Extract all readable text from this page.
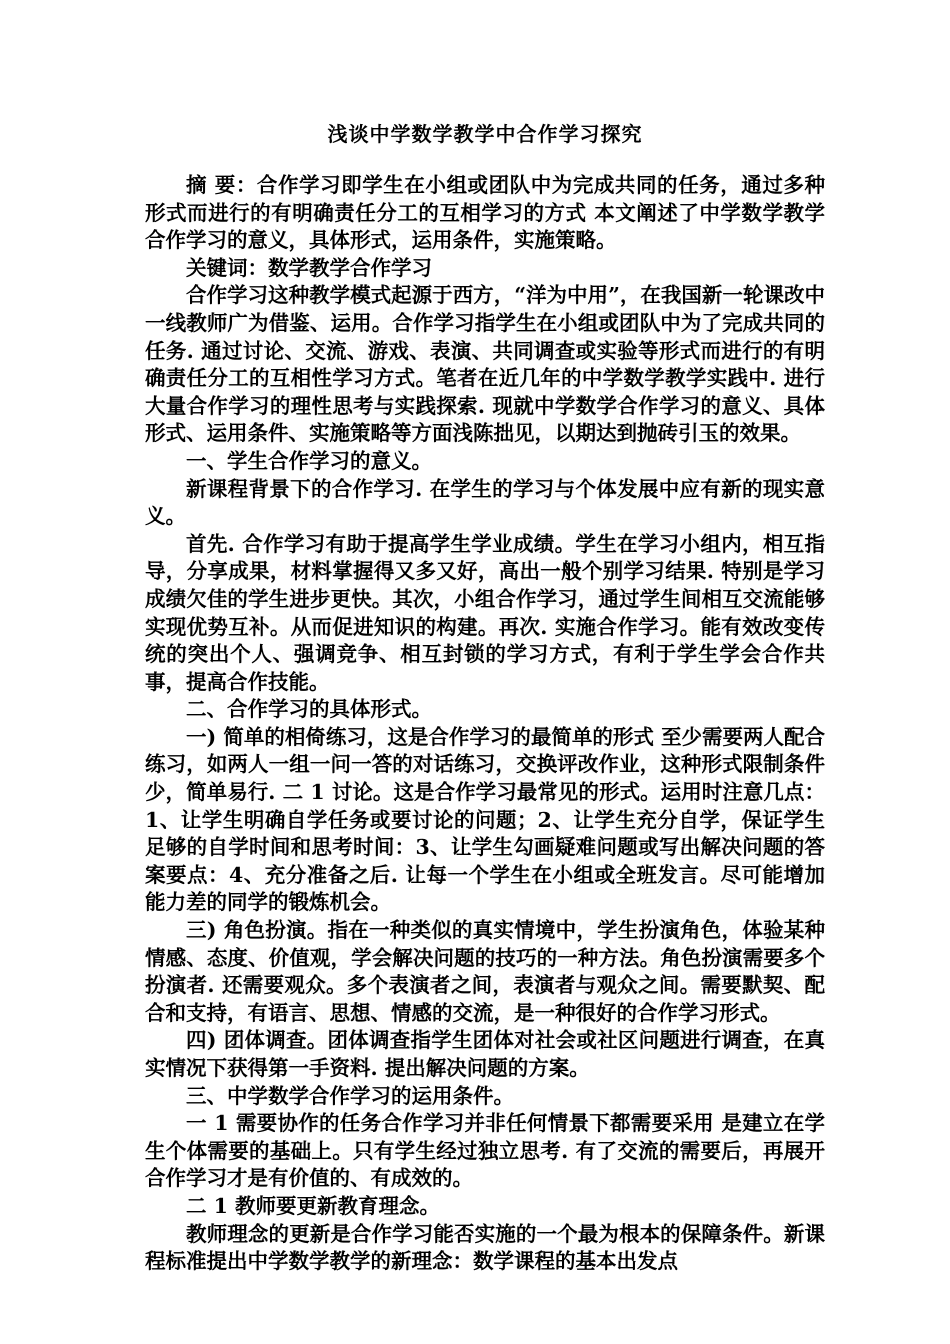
浅谈中学数学教学中合作学习探究

摘 要：合作学习即学生在小组或团队中为完成共同的任务，通过多种形式而进行的有明确责任分工的互相学习的方式 本文阐述了中学数学教学合作学习的意义，具体形式，运用条件，实施策略。

关键词：数学教学合作学习

合作学习这种教学模式起源于西方，“洋为中用”，在我国新一轮课改中一线教师广为借鉴、运用。合作学习指学生在小组或团队中为了完成共同的任务. 通过讨论、交流、游戏、表演、共同调查或实验等形式而进行的有明确责任分工的互相性学习方式。笔者在近几年的中学数学教学实践中. 进行大量合作学习的理性思考与实践探索. 现就中学数学合作学习的意义、具体形式、运用条件、实施策略等方面浅陈拙见，以期达到抛砖引玉的效果。

一、学生合作学习的意义。

新课程背景下的合作学习. 在学生的学习与个体发展中应有新的现实意义。

首先. 合作学习有助于提高学生学业成绩。学生在学习小组内，相互指导，分享成果，材料掌握得又多又好，高出一般个别学习结果. 特别是学习成绩欠佳的学生进步更快。其次，小组合作学习，通过学生间相互交流能够实现优势互补。从而促进知识的构建。再次. 实施合作学习。能有效改变传统的突出个人、强调竞争、相互封锁的学习方式，有利于学生学会合作共事，提高合作技能。

二、合作学习的具体形式。

一) 简单的相倚练习，这是合作学习的最简单的形式 至少需要两人配合练习，如两人一组一问一答的对话练习，交换评改作业，这种形式限制条件少，简单易行. 二 1 讨论。这是合作学习最常见的形式。运用时注意几点：1、让学生明确自学任务或要讨论的问题；2、让学生充分自学，保证学生足够的自学时间和思考时间：3、让学生勾画疑难问题或写出解决问题的答案要点：4、充分准备之后. 让每一个学生在小组或全班发言。尽可能增加能力差的同学的锻炼机会。

三) 角色扮演。指在一种类似的真实情境中，学生扮演角色，体验某种情感、态度、价值观，学会解决问题的技巧的一种方法。角色扮演需要多个扮演者. 还需要观众。多个表演者之间，表演者与观众之间。需要默契、配合和支持，有语言、思想、情感的交流，是一种很好的合作学习形式。

四) 团体调查。团体调查指学生团体对社会或社区问题进行调查，在真实情况下获得第一手资料. 提出解决问题的方案。

三、中学数学合作学习的运用条件。

一 1 需要协作的任务合作学习并非任何情景下都需要采用 是建立在学生个体需要的基础上。只有学生经过独立思考. 有了交流的需要后，再展开合作学习才是有价值的、有成效的。

二 1 教师要更新教育理念。

教师理念的更新是合作学习能否实施的一个最为根本的保障条件。新课程标准提出中学数学教学的新理念：数学课程的基本出发点
